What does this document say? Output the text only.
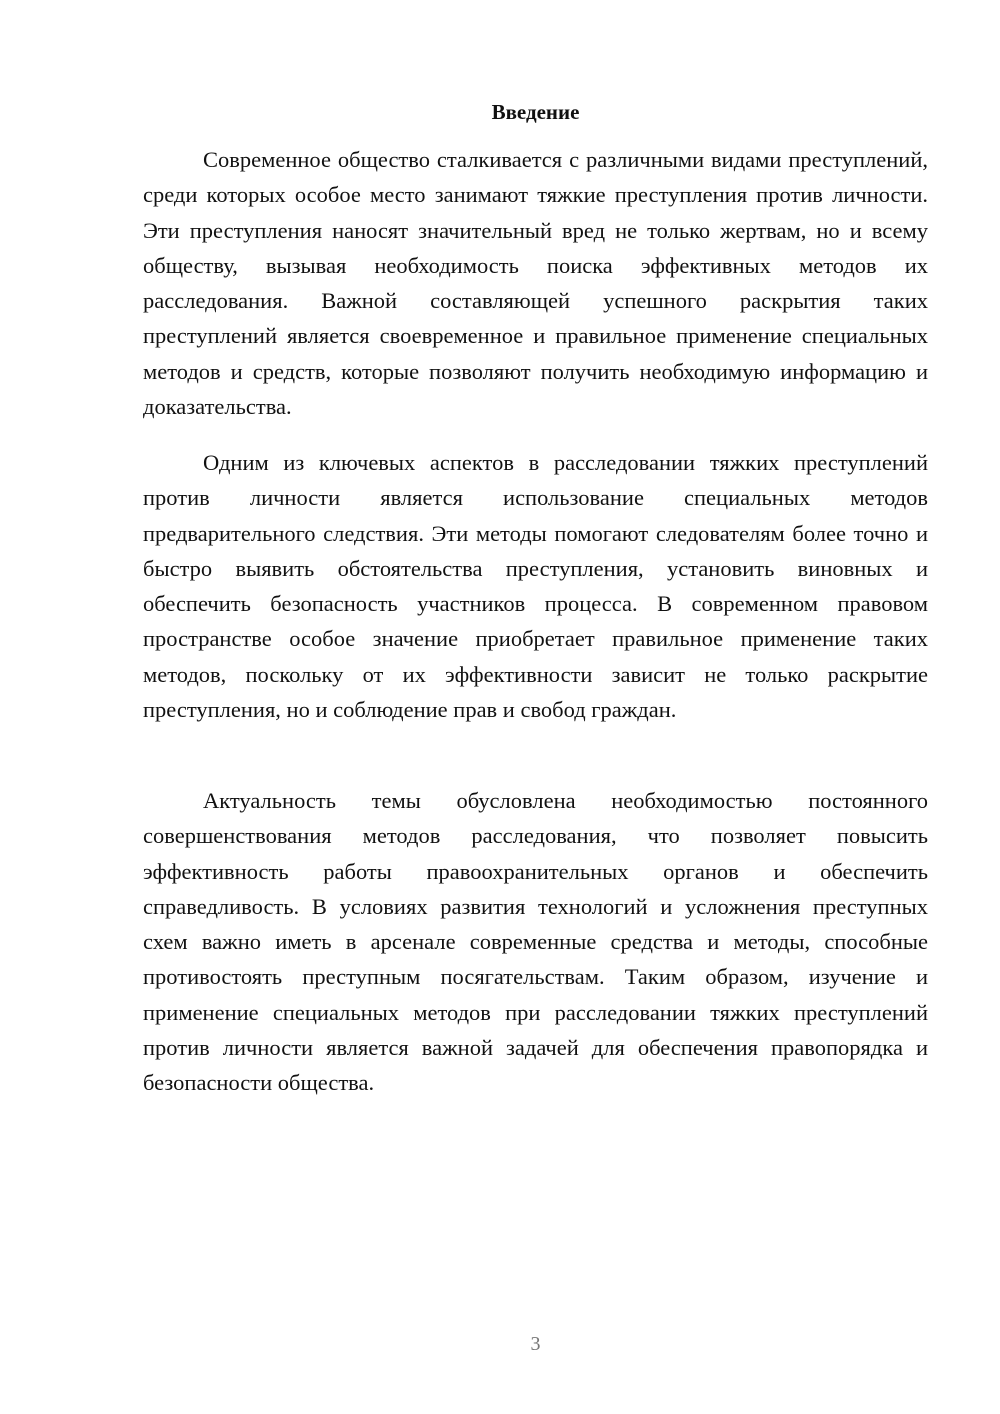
Введение

Современное общество сталкивается с различными видами преступлений, среди которых особое место занимают тяжкие преступления против личности. Эти преступления наносят значительный вред не только жертвам, но и всему обществу, вызывая необходимость поиска эффективных методов их расследования. Важной составляющей успешного раскрытия таких преступлений является своевременное и правильное применение специальных методов и средств, которые позволяют получить необходимую информацию и доказательства.

Одним из ключевых аспектов в расследовании тяжких преступлений против личности является использование специальных методов предварительного следствия. Эти методы помогают следователям более точно и быстро выявить обстоятельства преступления, установить виновных и обеспечить безопасность участников процесса. В современном правовом пространстве особое значение приобретает правильное применение таких методов, поскольку от их эффективности зависит не только раскрытие преступления, но и соблюдение прав и свобод граждан.

Актуальность темы обусловлена необходимостью постоянного совершенствования методов расследования, что позволяет повысить эффективность работы правоохранительных органов и обеспечить справедливость. В условиях развития технологий и усложнения преступных схем важно иметь в арсенале современные средства и методы, способные противостоять преступным посягательствам. Таким образом, изучение и применение специальных методов при расследовании тяжких преступлений против личности является важной задачей для обеспечения правопорядка и безопасности общества.

3
